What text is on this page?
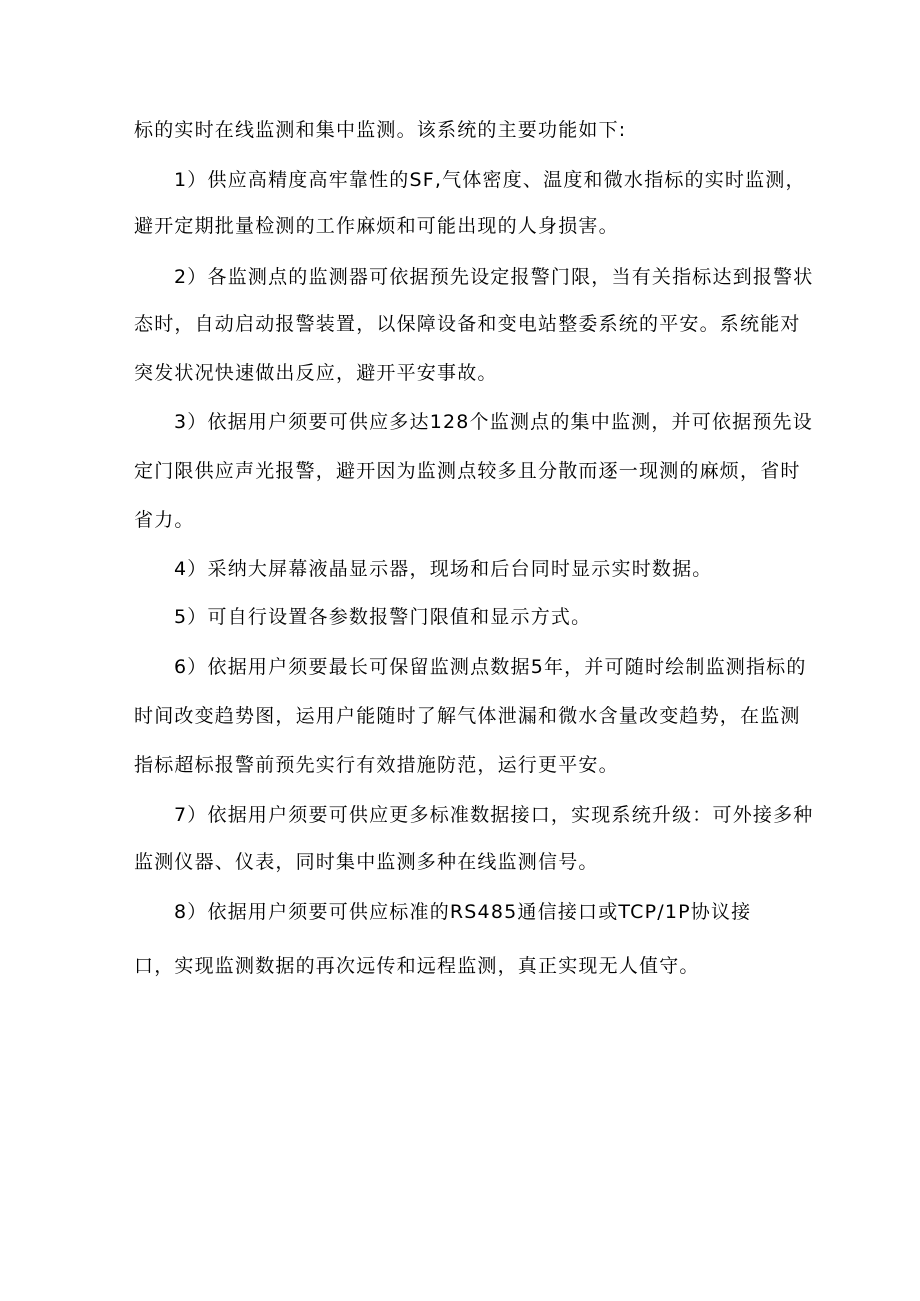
标的实时在线监测和集中监测。该系统的主要功能如下:
1）供应高精度高牢靠性的SF,气体密度、温度和微水指标的实时监测，
避开定期批量检测的工作麻烦和可能出现的人身损害。
2）各监测点的监测器可依据预先设定报警门限，当有关指标达到报警状
态时，自动启动报警装置，以保障设备和变电站整委系统的平安。系统能对
突发状况快速做出反应，避开平安事故。
3）依据用户须要可供应多达128个监测点的集中监测，并可依据预先设
定门限供应声光报警，避开因为监测点较多且分散而逐一现测的麻烦，省时
省力。
4）采纳大屏幕液晶显示器，现场和后台同时显示实时数据。
5）可自行设置各参数报警门限值和显示方式。
6）依据用户须要最长可保留监测点数据5年，并可随时绘制监测指标的
时间改变趋势图，运用户能随时了解气体泄漏和微水含量改变趋势，在监测
指标超标报警前预先实行有效措施防范，运行更平安。
7）依据用户须要可供应更多标准数据接口，实现系统升级：可外接多种
监测仪器、仪表，同时集中监测多种在线监测信号。
8）依据用户须要可供应标准的RS485通信接口或TCP/1P协议接
口，实现监测数据的再次远传和远程监测，真正实现无人值守。
